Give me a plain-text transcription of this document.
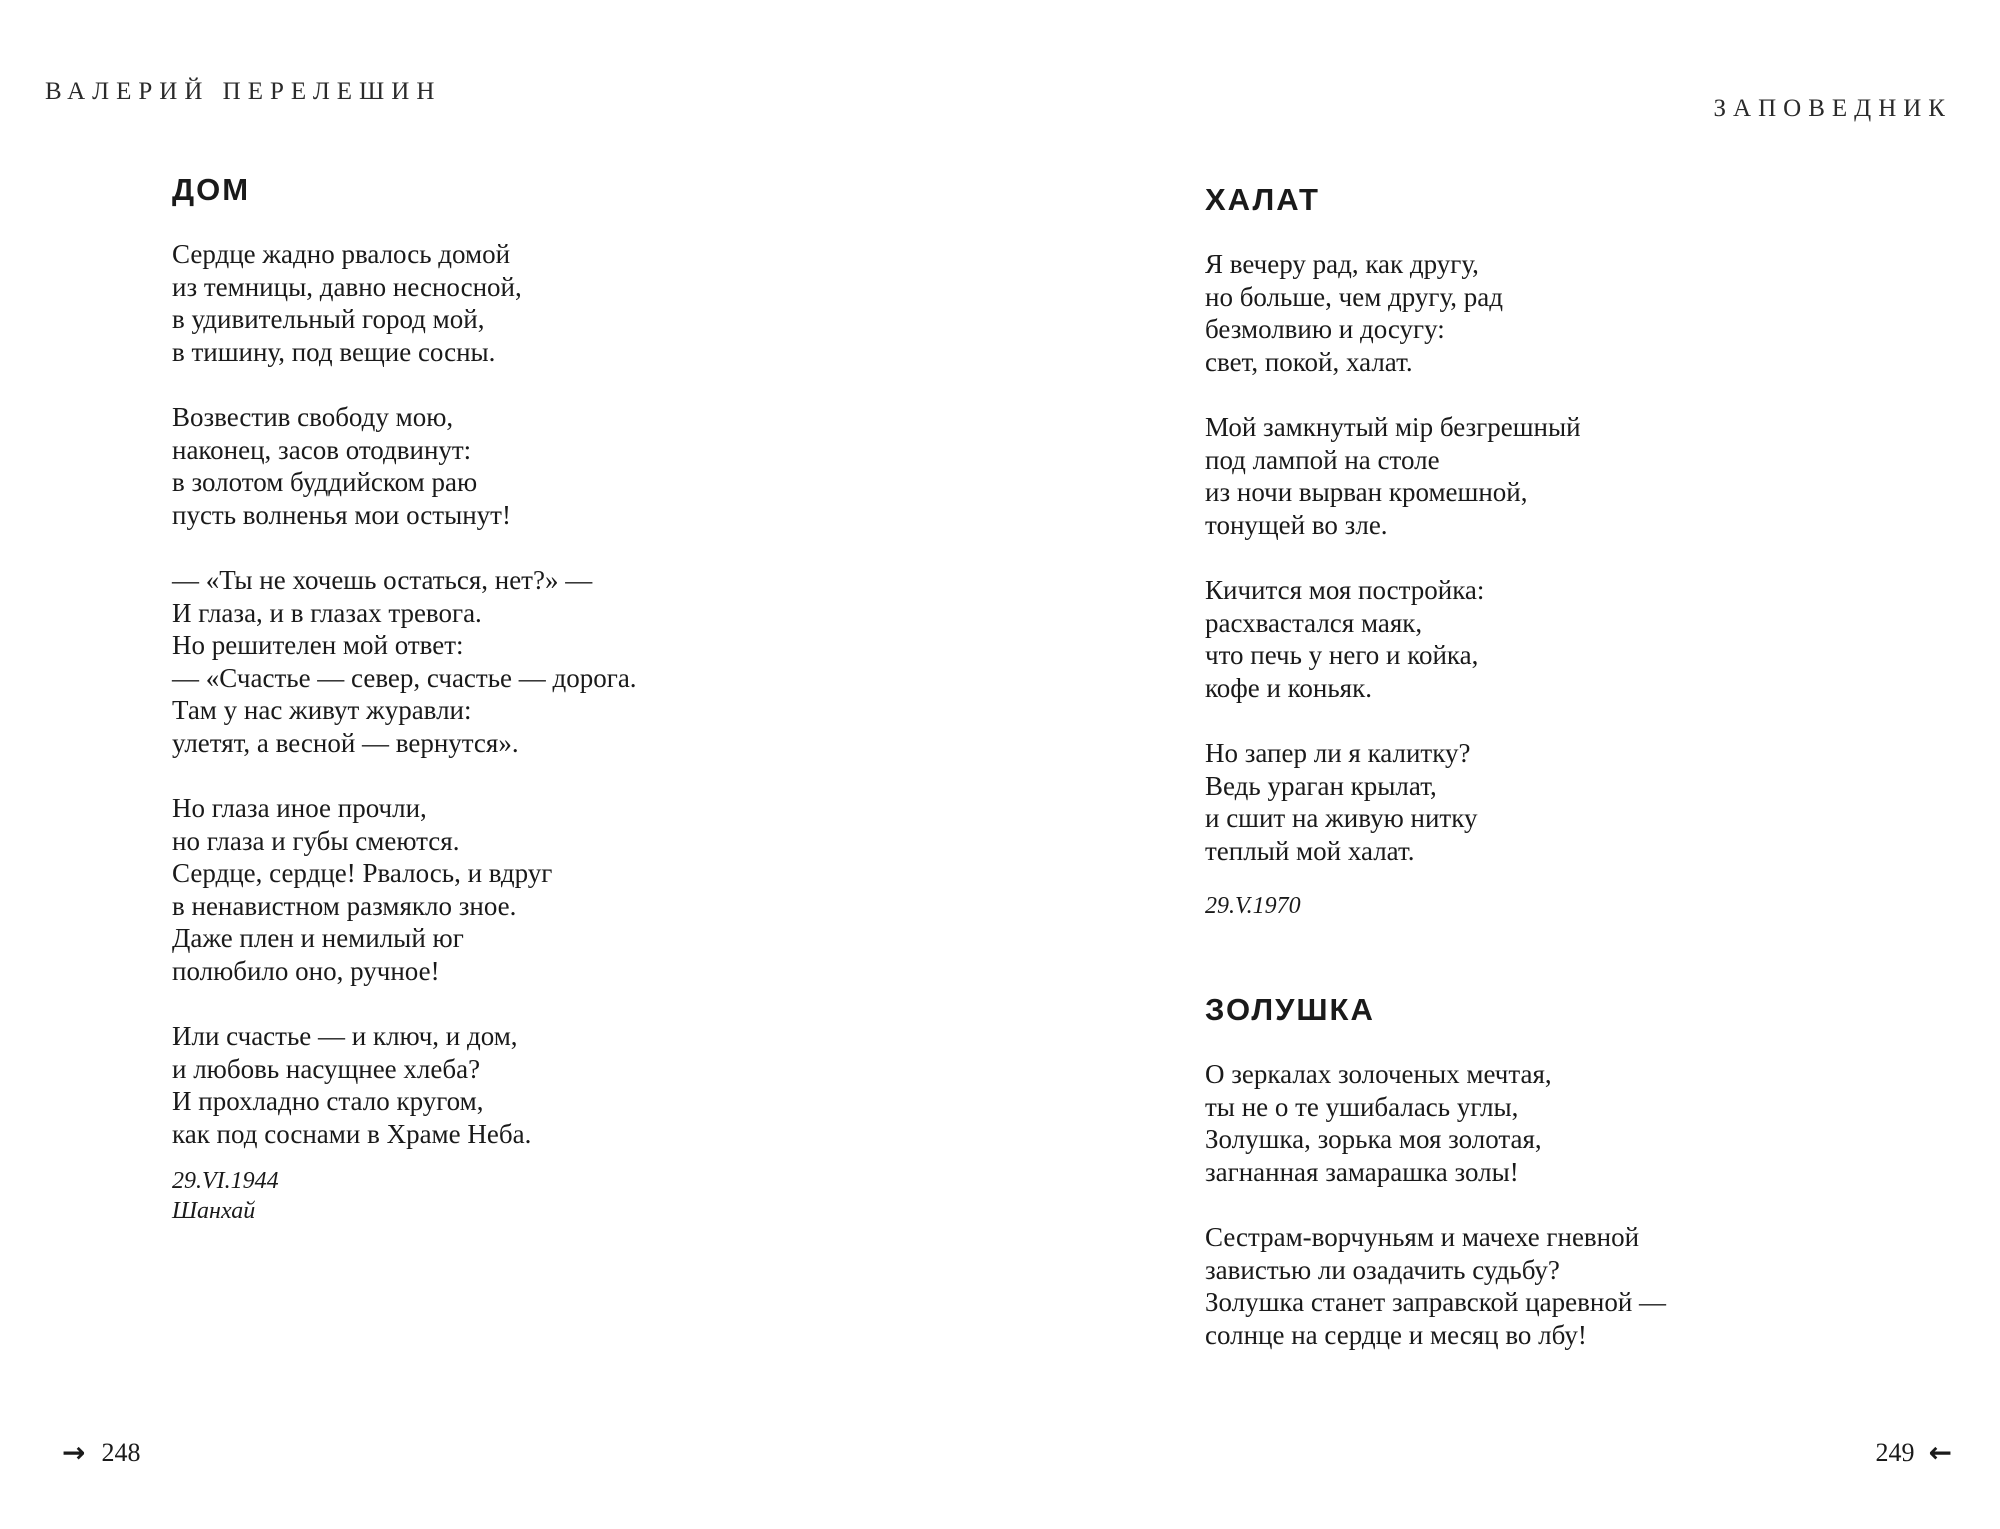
ВАЛЕРИЙ ПЕРЕЛЕШИН
ДОМ
Сердце жадно рвалось домой
из темницы, давно несносной,
в удивительный город мой,
в тишину, под вещие сосны.
Возвестив свободу мою,
наконец, засов отодвинут:
в золотом буддийском раю
пусть волненья мои остынут!
— «Ты не хочешь остаться, нет?» —
И глаза, и в глазах тревога.
Но решителен мой ответ:
— «Счастье — север, счастье — дорога.
Там у нас живут журавли:
улетят, а весной — вернутся».
Но глаза иное прочли,
но глаза и губы смеются.
Сердце, сердце! Рвалось, и вдруг
в ненавистном размякло зное.
Даже плен и немилый юг
полюбило оно, ручное!
Или счастье — и ключ, и дом,
и любовь насущнее хлеба?
И прохладно стало кругом,
как под соснами в Храме Неба.
29.VI.1944
Шанхай
→ 248
ЗАПОВЕДНИК
ХАЛАТ
Я вечеру рад, как другу,
но больше, чем другу, рад
безмолвию и досугу:
свет, покой, халат.
Мой замкнутый мiр безгрешный
под лампой на столе
из ночи вырван кромешной,
тонущей во зле.
Кичится моя постройка:
расхвастался маяк,
что печь у него и койка,
кофе и коньяк.
Но запер ли я калитку?
Ведь ураган крылат,
и сшит на живую нитку
теплый мой халат.
29.V.1970
ЗОЛУШКА
О зеркалах золоченых мечтая,
ты не о те ушибалась углы,
Золушка, зорька моя золотая,
загнанная замарашка золы!
Сестрам-ворчуньям и мачехе гневной
завистью ли озадачить судьбу?
Золушка станет заправской царевной —
солнце на сердце и месяц во лбу!
249 ←
